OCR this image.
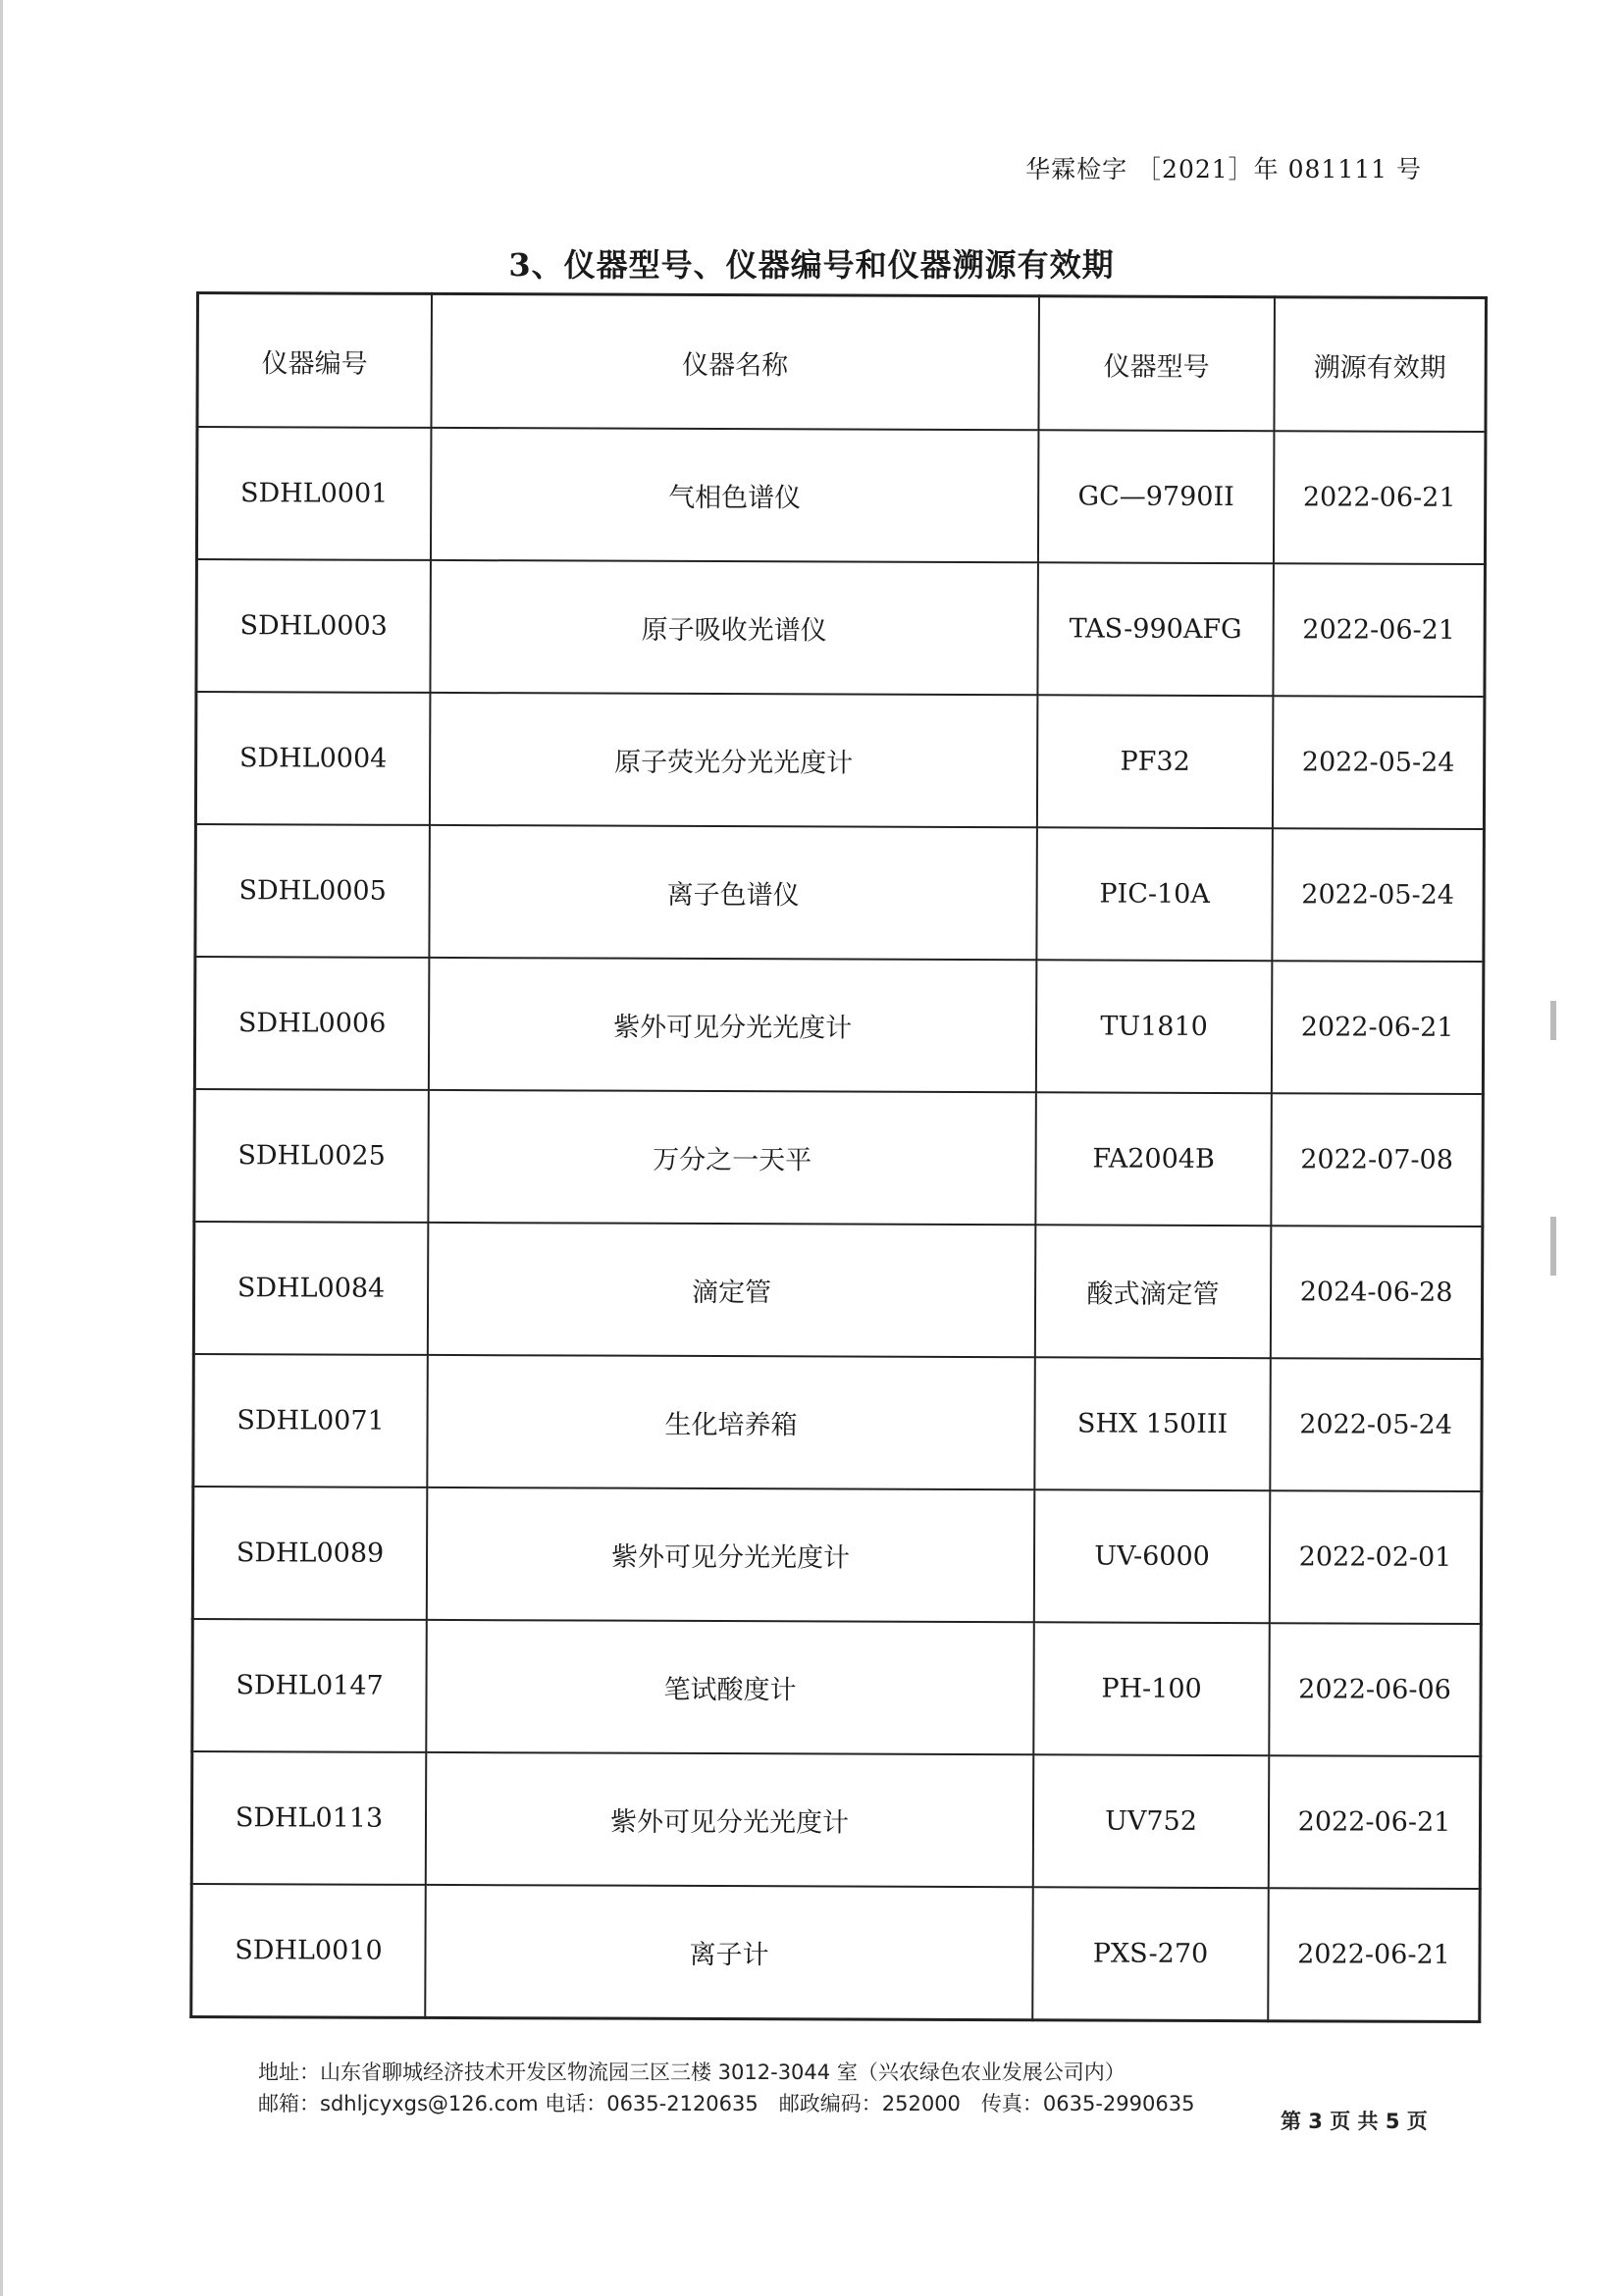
华霖检字 ［2021］年 081111 号
3、仪器型号、仪器编号和仪器溯源有效期
仪器编号	仪器名称	仪器型号	溯源有效期
SDHL0001	气相色谱仪	GC—9790II	2022-06-21
SDHL0003	原子吸收光谱仪	TAS-990AFG	2022-06-21
SDHL0004	原子荧光分光光度计	PF32	2022-05-24
SDHL0005	离子色谱仪	PIC-10A	2022-05-24
SDHL0006	紫外可见分光光度计	TU1810	2022-06-21
SDHL0025	万分之一天平	FA2004B	2022-07-08
SDHL0084	滴定管	酸式滴定管	2024-06-28
SDHL0071	生化培养箱	SHX 150III	2022-05-24
SDHL0089	紫外可见分光光度计	UV-6000	2022-02-01
SDHL0147	笔试酸度计	PH-100	2022-06-06
SDHL0113	紫外可见分光光度计	UV752	2022-06-21
SDHL0010	离子计	PXS-270	2022-06-21
地址：山东省聊城经济技术开发区物流园三区三楼 3012-3044 室（兴农绿色农业发展公司内）
邮箱：sdhljcyxgs@126.com 电话：0635-2120635　邮政编码：252000　传真：0635-2990635
第 3 页 共 5 页
